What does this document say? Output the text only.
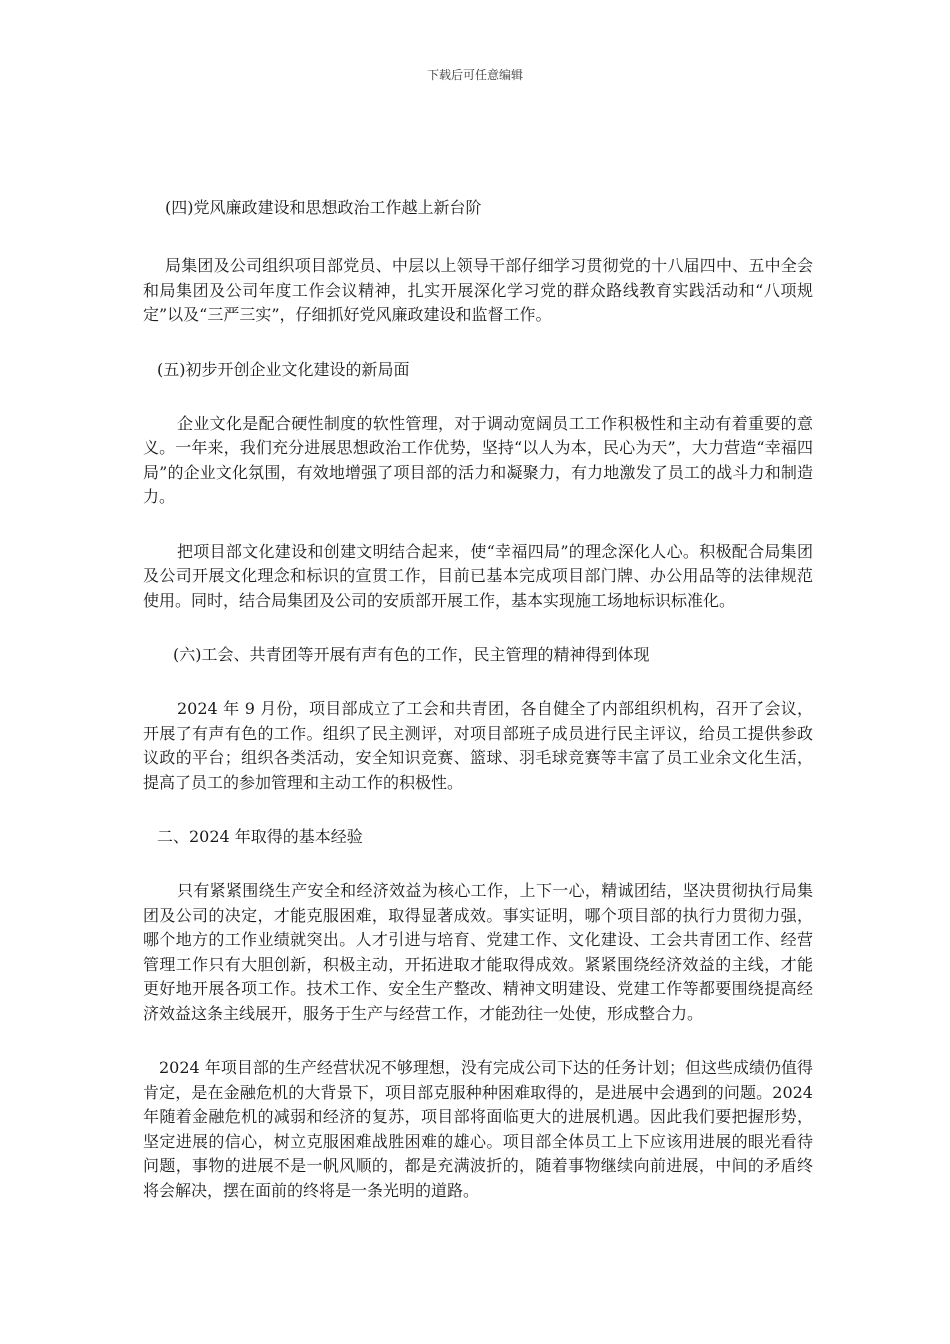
下载后可任意编辑

(四)党风廉政建设和思想政治工作越上新台阶

局集团及公司组织项目部党员、中层以上领导干部仔细学习贯彻党的十八届四中、五中全会和局集团及公司年度工作会议精神，扎实开展深化学习党的群众路线教育实践活动和“八项规定”以及“三严三实”，仔细抓好党风廉政建设和监督工作。

(五)初步开创企业文化建设的新局面

企业文化是配合硬性制度的软性管理，对于调动宽阔员工工作积极性和主动有着重要的意义。一年来，我们充分进展思想政治工作优势，坚持“以人为本，民心为天”，大力营造“幸福四局”的企业文化氛围，有效地增强了项目部的活力和凝聚力，有力地激发了员工的战斗力和制造力。

把项目部文化建设和创建文明结合起来，使“幸福四局”的理念深化人心。积极配合局集团及公司开展文化理念和标识的宣贯工作，目前已基本完成项目部门牌、办公用品等的法律规范使用。同时，结合局集团及公司的安质部开展工作，基本实现施工场地标识标准化。

(六)工会、共青团等开展有声有色的工作，民主管理的精神得到体现

2024 年 9 月份，项目部成立了工会和共青团，各自健全了内部组织机构，召开了会议，开展了有声有色的工作。组织了民主测评，对项目部班子成员进行民主评议，给员工提供参政议政的平台；组织各类活动，安全知识竞赛、篮球、羽毛球竞赛等丰富了员工业余文化生活，提高了员工的参加管理和主动工作的积极性。

二、2024 年取得的基本经验

只有紧紧围绕生产安全和经济效益为核心工作，上下一心，精诚团结，坚决贯彻执行局集团及公司的决定，才能克服困难，取得显著成效。事实证明，哪个项目部的执行力贯彻力强，哪个地方的工作业绩就突出。人才引进与培育、党建工作、文化建设、工会共青团工作、经营管理工作只有大胆创新，积极主动，开拓进取才能取得成效。紧紧围绕经济效益的主线，才能更好地开展各项工作。技术工作、安全生产整改、精神文明建设、党建工作等都要围绕提高经济效益这条主线展开，服务于生产与经营工作，才能劲往一处使，形成整合力。

2024 年项目部的生产经营状况不够理想，没有完成公司下达的任务计划；但这些成绩仍值得肯定，是在金融危机的大背景下，项目部克服种种困难取得的，是进展中会遇到的问题。2024 年随着金融危机的减弱和经济的复苏，项目部将面临更大的进展机遇。因此我们要把握形势，坚定进展的信心，树立克服困难战胜困难的雄心。项目部全体员工上下应该用进展的眼光看待问题，事物的进展不是一帆风顺的，都是充满波折的，随着事物继续向前进展，中间的矛盾终将会解决，摆在面前的终将是一条光明的道路。
